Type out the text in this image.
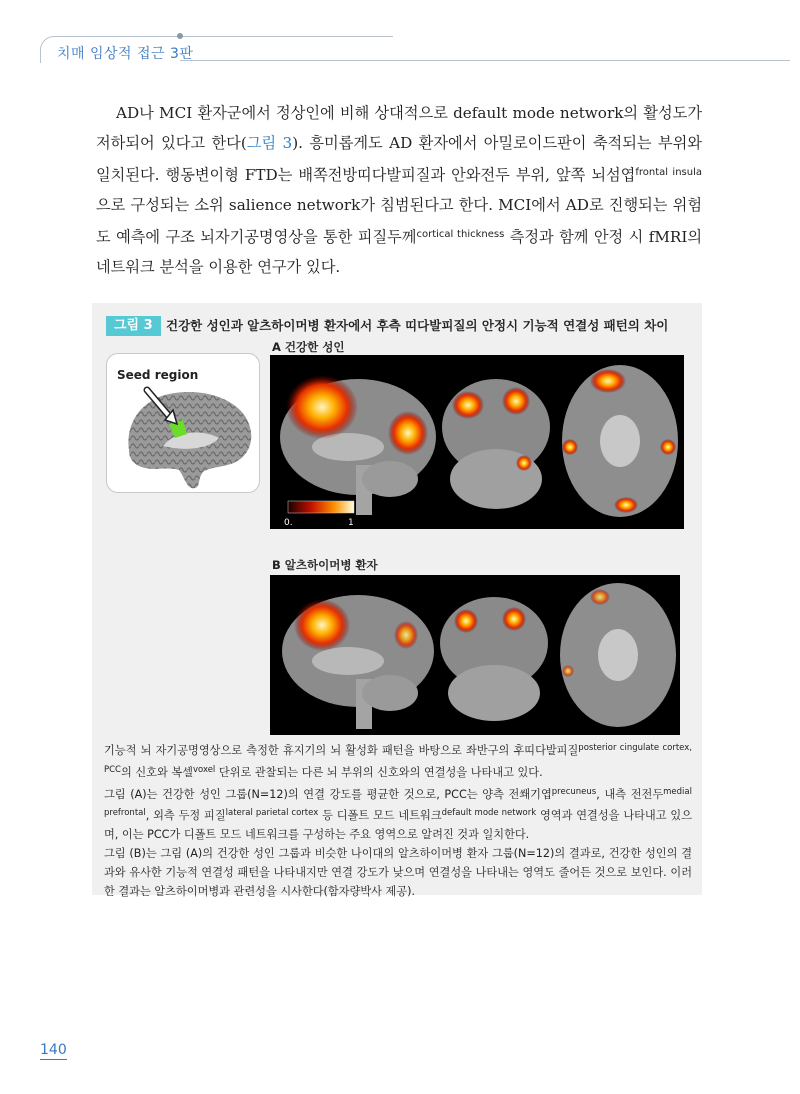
치매 임상적 접근 3판

AD나 MCI 환자군에서 정상인에 비해 상대적으로 default mode network의 활성도가 저하되어 있다고 한다(그림 3). 흥미롭게도 AD 환자에서 아밀로이드판이 축적되는 부위와 일치된다. 행동변이형 FTD는 배쪽전방띠다발피질과 안와전두 부위, 앞쪽 뇌섬엽$^{frontal insula}$으로 구성되는 소위 salience network가 침범된다고 한다. MCI에서 AD로 진행되는 위험도 예측에 구조 뇌자기공명영상을 통한 피질두께$^{cortical thickness}$ 측정과 함께 안정 시 fMRI의 네트워크 분석을 이용한 연구가 있다.

그림 3	건강한 성인과 알츠하이머병 환자에서 후측 띠다발피질의 안정시 기능적 연결성 패턴의 차이
Seed region
A 건강한 성인
0.	1
B 알츠하이머병 환자
기능적 뇌 자기공명영상으로 측정한 휴지기의 뇌 활성화 패턴을 바탕으로 좌반구의 후띠다발피질$^{posterior cingulate cortex, PCC}$의 신호와 복셀$^{voxel}$ 단위로 관찰되는 다른 뇌 부위의 신호와의 연결성을 나타내고 있다.
그림 (A)는 건강한 성인 그룹(N=12)의 연결 강도를 평균한 것으로, PCC는 양측 전쐐기엽$^{precuneus}$, 내측 전전두$^{medial prefrontal}$, 외측 두정 피질$^{lateral parietal cortex}$ 등 디폴트 모드 네트워크$^{default mode network}$ 영역과 연결성을 나타내고 있으며, 이는 PCC가 디폴트 모드 네트워크를 구성하는 주요 영역으로 알려진 것과 일치한다.
그림 (B)는 그림 (A)의 건강한 성인 그룹과 비슷한 나이대의 알츠하이머병 환자 그룹(N=12)의 결과로, 건강한 성인의 결과와 유사한 기능적 연결성 패턴을 나타내지만 연결 강도가 낮으며 연결성을 나타내는 영역도 줄어든 것으로 보인다. 이러한 결과는 알츠하이머병과 관련성을 시사한다(함자량박사 제공).
140
